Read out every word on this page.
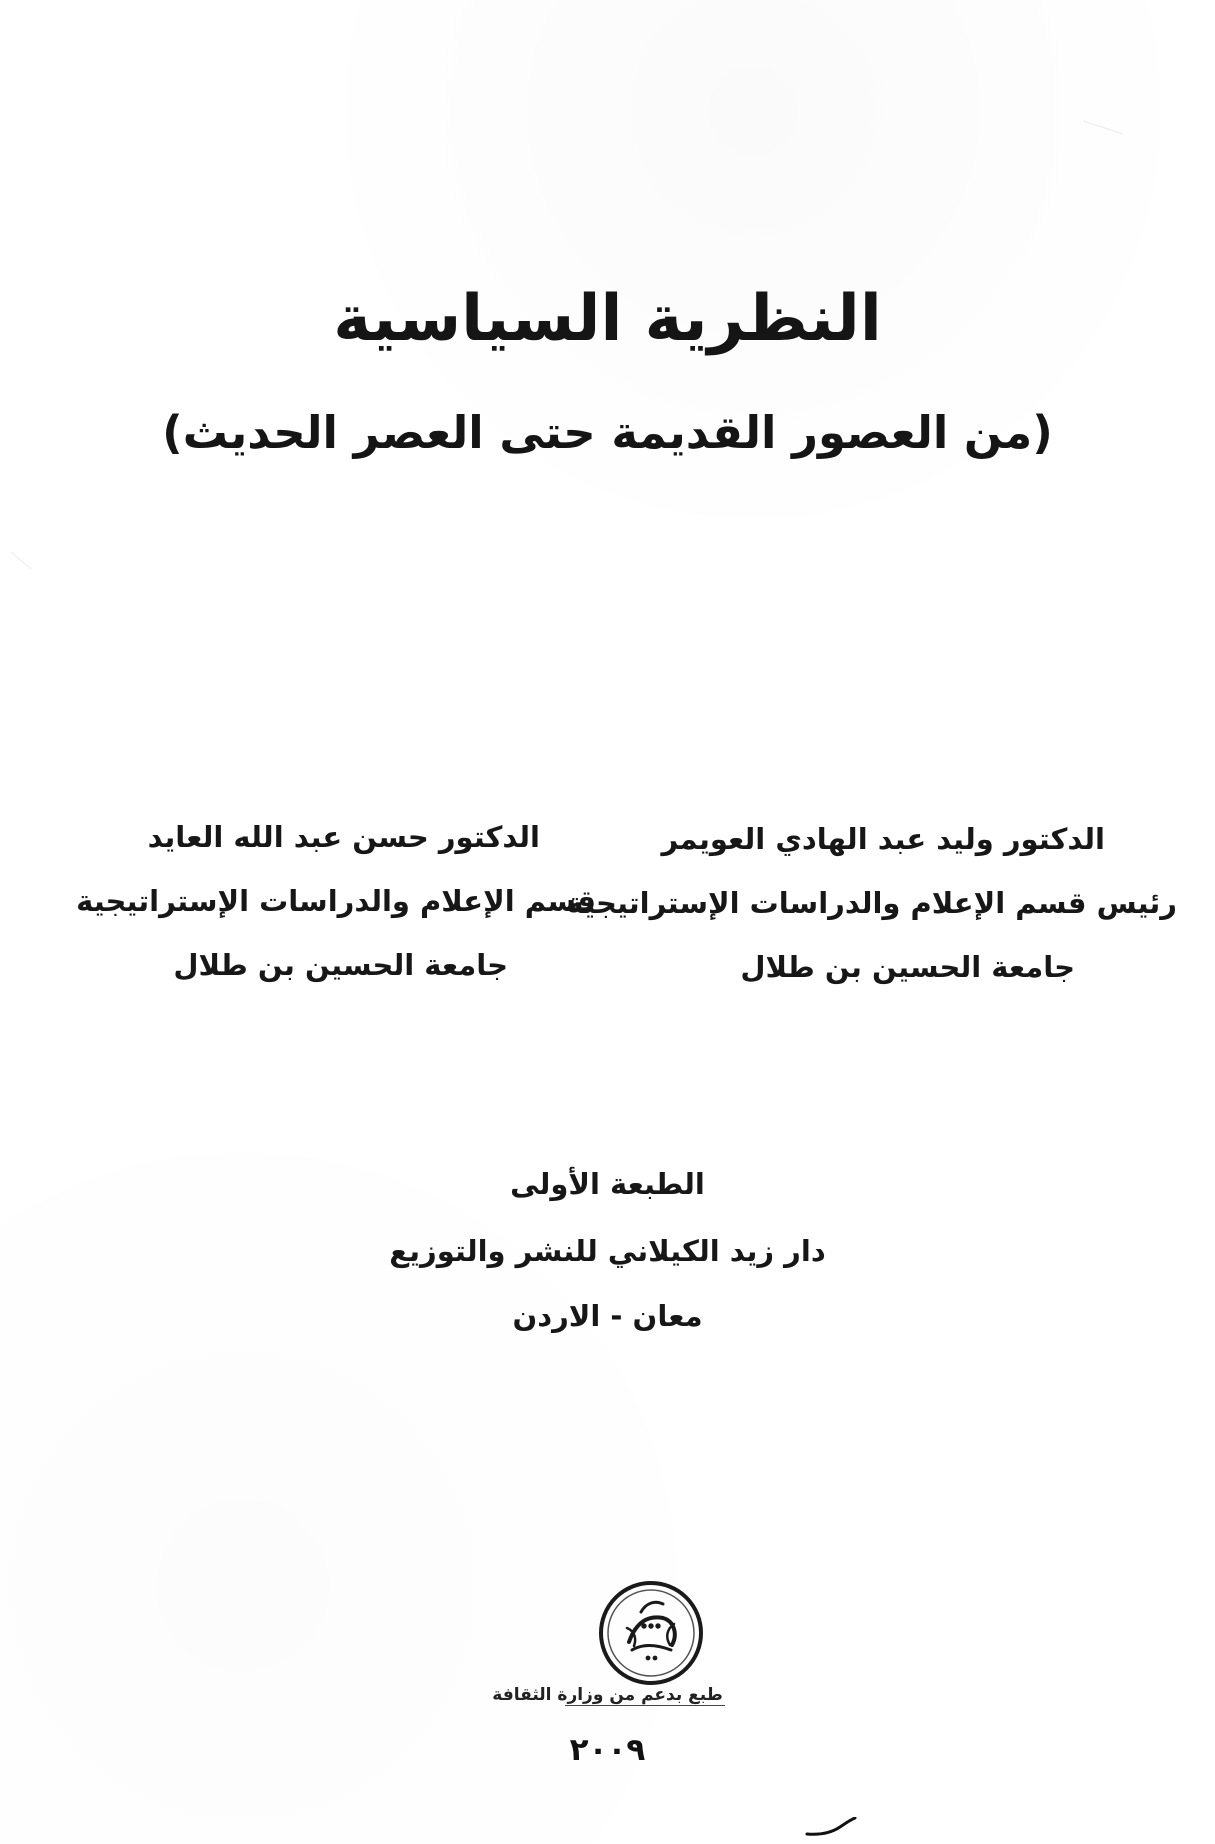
النظرية السياسية
(من العصور القديمة حتى العصر الحديث)
الدكتور وليد عبد الهادي العويمر
رئيس قسم الإعلام والدراسات الإستراتيجية
جامعة الحسين بن طلال
الدكتور حسن عبد الله العايد
قسم الإعلام والدراسات الإستراتيجية
جامعة الحسين بن طلال
الطبعة الأولى
دار زيد الكيلاني للنشر والتوزيع
معان - الاردن
طبع بدعم من وزارة الثقافة
٢٠٠٩
